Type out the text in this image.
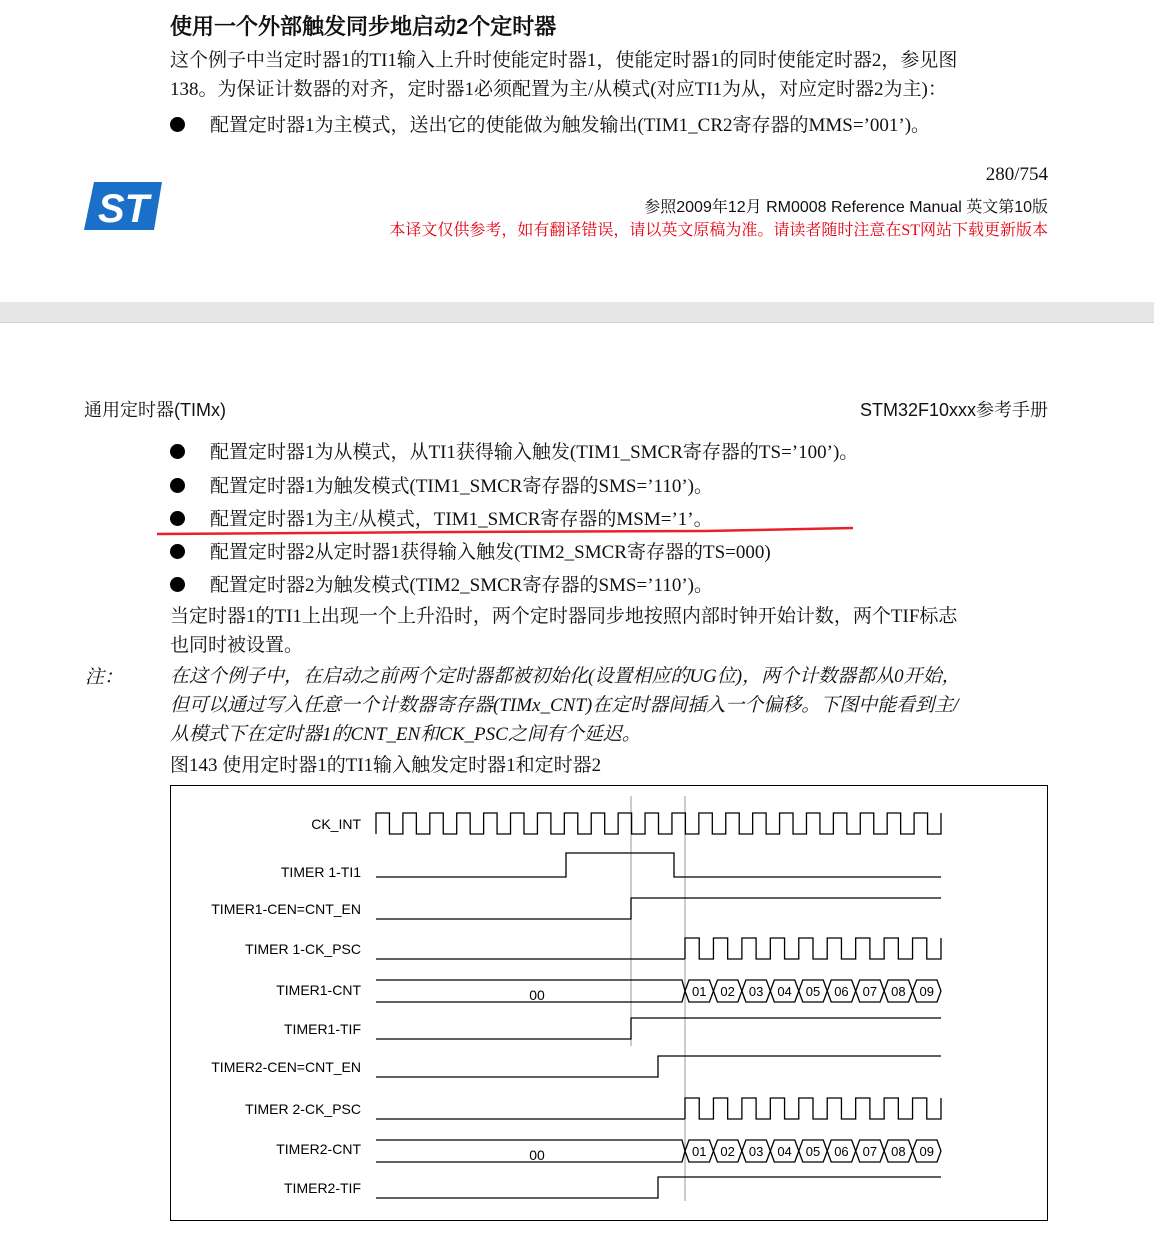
使用一个外部触发同步地启动2个定时器
这个例子中当定时器1的TI1输入上升时使能定时器1，使能定时器1的同时使能定时器2，参见图
138。为保证计数器的对齐，定时器1必须配置为主/从模式(对应TI1为从，对应定时器2为主)：
配置定时器1为主模式，送出它的使能做为触发输出(TIM1_CR2寄存器的MMS=’001’)。
280/754
ST	参照2009年12月 RM0008 Reference Manual 英文第10版
本译文仅供参考，如有翻译错误，请以英文原稿为准。请读者随时注意在ST网站下载更新版本
通用定时器(TIMx)	STM32F10xxx参考手册
配置定时器1为从模式，从TI1获得输入触发(TIM1_SMCR寄存器的TS=’100’)。
配置定时器1为触发模式(TIM1_SMCR寄存器的SMS=’110’)。
配置定时器1为主/从模式，TIM1_SMCR寄存器的MSM=’1’。
配置定时器2从定时器1获得输入触发(TIM2_SMCR寄存器的TS=000)
配置定时器2为触发模式(TIM2_SMCR寄存器的SMS=’110’)。
当定时器1的TI1上出现一个上升沿时，两个定时器同步地按照内部时钟开始计数，两个TIF标志
也同时被设置。
注： 在这个例子中，在启动之前两个定时器都被初始化(设置相应的UG位)，两个计数器都从0开始，
但可以通过写入任意一个计数器寄存器(TIMx_CNT)在定时器间插入一个偏移。下图中能看到主/
从模式下在定时器1的CNT_EN和CK_PSC之间有个延迟。
图143 使用定时器1的TI1输入触发定时器1和定时器2
CK_INT
TIMER 1-TI1
TIMER1-CEN=CNT_EN
TIMER 1-CK_PSC
TIMER1-CNT
TIMER1-TIF
TIMER2-CEN=CNT_EN
TIMER 2-CK_PSC
TIMER2-CNT
TIMER2-TIF
00	01 02 03 04 05 06 07 08 09
00	01 02 03 04 05 06 07 08 09
